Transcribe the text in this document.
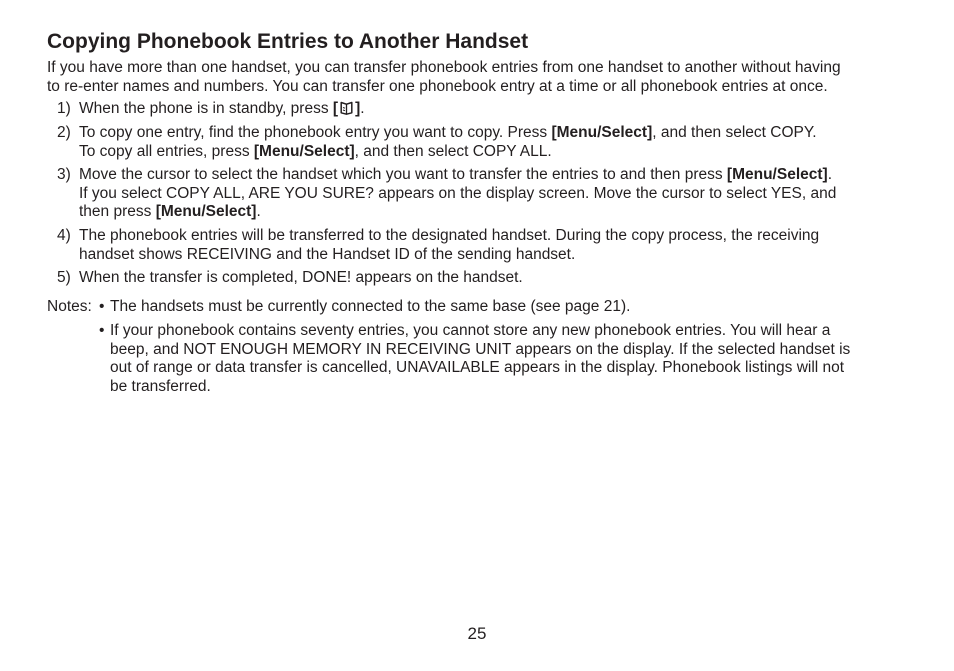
Copying Phonebook Entries to Another Handset

If you have more than one handset, you can transfer phonebook entries from one handset to another without having
to re-enter names and numbers. You can transfer one phonebook entry at a time or all phonebook entries at once.

1) When the phone is in standby, press [ ].
2) To copy one entry, find the phonebook entry you want to copy. Press [Menu/Select], and then select COPY.
To copy all entries, press [Menu/Select], and then select COPY ALL.
3) Move the cursor to select the handset which you want to transfer the entries to and then press [Menu/Select].
If you select COPY ALL, ARE YOU SURE? appears on the display screen. Move the cursor to select YES, and
then press [Menu/Select].
4) The phonebook entries will be transferred to the designated handset. During the copy process, the receiving
handset shows RECEIVING and the Handset ID of the sending handset.
5) When the transfer is completed, DONE! appears on the handset.
Notes: • The handsets must be currently connected to the same base (see page 21).
• If your phonebook contains seventy entries, you cannot store any new phonebook entries. You will hear a
beep, and NOT ENOUGH MEMORY IN RECEIVING UNIT appears on the display. If the selected handset is
out of range or data transfer is cancelled, UNAVAILABLE appears in the display. Phonebook listings will not
be transferred.
25
